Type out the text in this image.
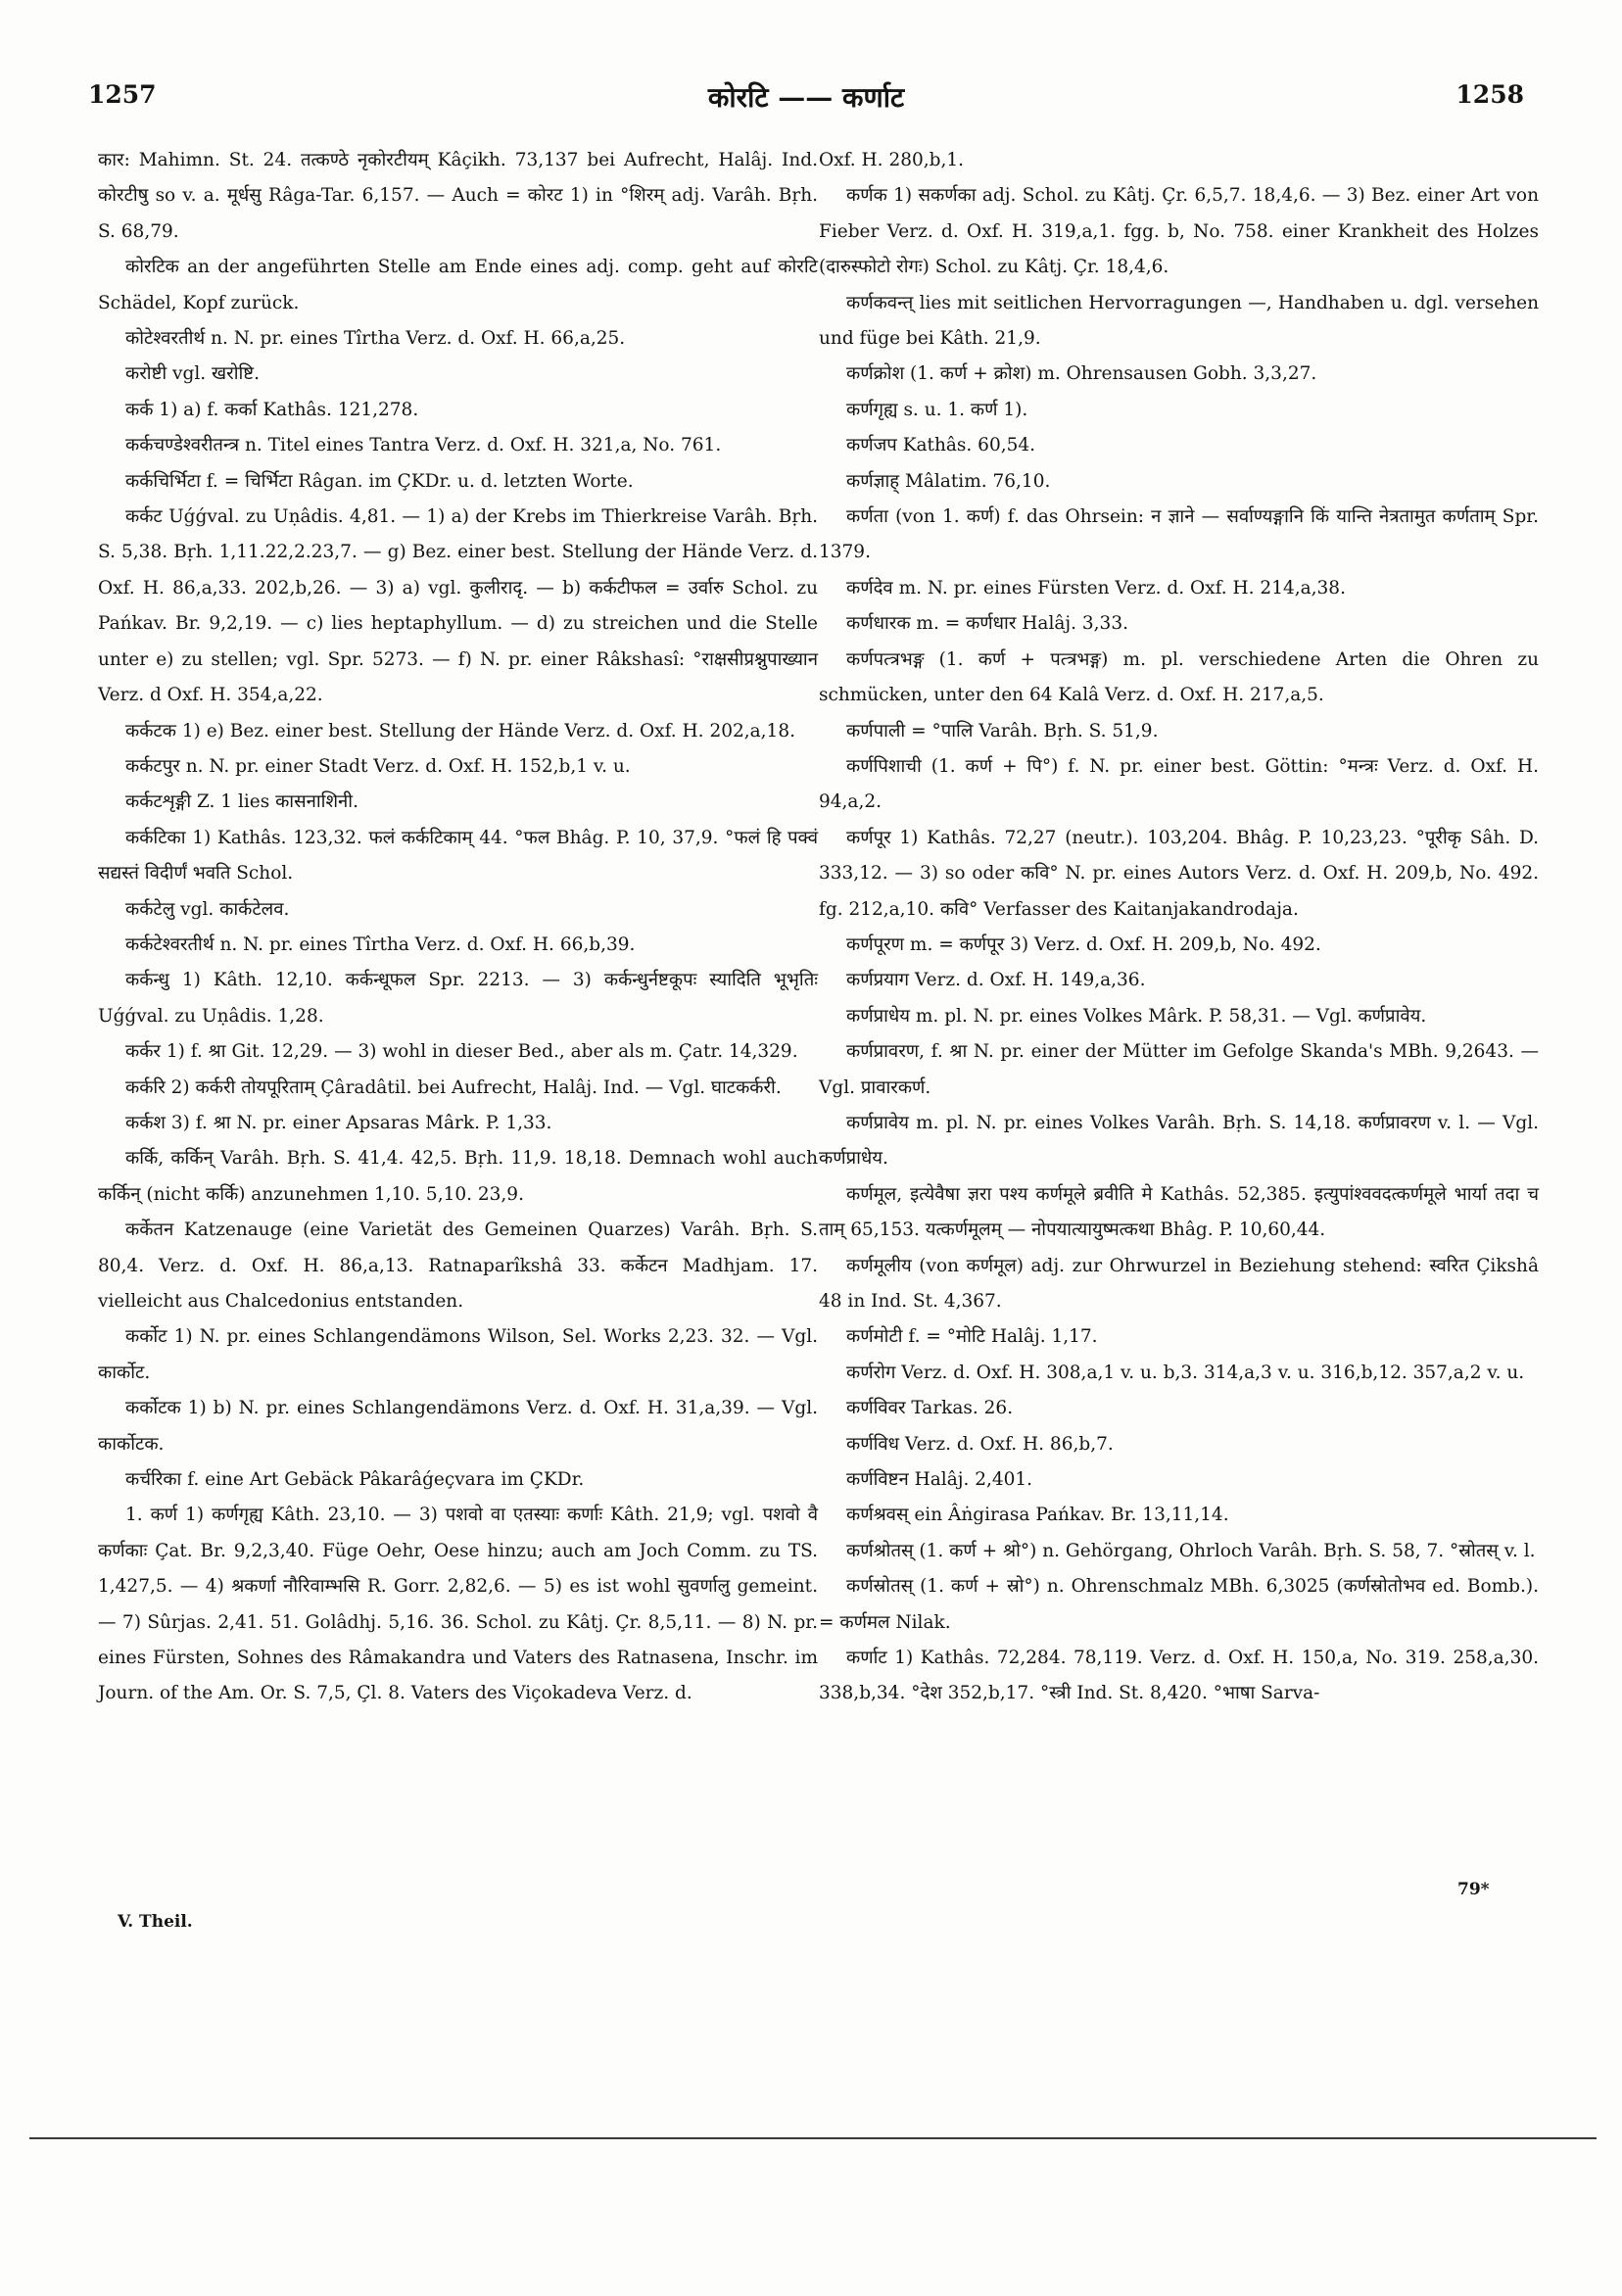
1257	कोरटि —— कर्णाट	1258

कार: Mahimn. St. 24. तत्कण्ठे नृकोरटीयम् Kâçikh. 73,137 bei Aufrecht, Halâj. Ind. कोरटीषु so v. a. मूर्धसु Râga-Tar. 6,157. — Auch = कोरट 1) in °शिरम् adj. Varâh. Bṛh. S. 68,79.

कोरटिक an der angeführten Stelle am Ende eines adj. comp. geht auf कोरटि Schädel, Kopf zurück.

कोटेश्वरतीर्थ n. N. pr. eines Tîrtha Verz. d. Oxf. H. 66,a,25.

करोष्टी vgl. खरोष्टि.

कर्क 1) a) f. कर्का Kathâs. 121,278.

कर्कचण्डेश्वरीतन्त्र n. Titel eines Tantra Verz. d. Oxf. H. 321,a, No. 761.

कर्कचिर्भिटा f. = चिर्भिटा Râgan. im ÇKDr. u. d. letzten Worte.

कर्कट Uǵǵval. zu Uṇâdis. 4,81. — 1) a) der Krebs im Thierkreise Varâh. Bṛh. S. 5,38. Bṛh. 1,11.22,2.23,7. — g) Bez. einer best. Stellung der Hände Verz. d. Oxf. H. 86,a,33. 202,b,26. — 3) a) vgl. कुलीरादृ. — b) कर्कटीफल = उर्वारु Schol. zu Pańkav. Br. 9,2,19. — c) lies heptaphyllum. — d) zu streichen und die Stelle unter e) zu stellen; vgl. Spr. 5273. — f) N. pr. einer Râkshasî: °राक्षसीप्रश्नुपाख्यान Verz. d Oxf. H. 354,a,22.

कर्कटक 1) e) Bez. einer best. Stellung der Hände Verz. d. Oxf. H. 202,a,18.

कर्कटपुर n. N. pr. einer Stadt Verz. d. Oxf. H. 152,b,1 v. u.

कर्कटशृङ्गी Z. 1 lies कासनाशिनी.

कर्कटिका 1) Kathâs. 123,32. फलं कर्कटिकाम् 44. °फल Bhâg. P. 10, 37,9. °फलं हि पक्वं सद्यस्तं विदीर्णं भवति Schol.

कर्कटेलु vgl. कार्कटेलव.

कर्कटेश्वरतीर्थ n. N. pr. eines Tîrtha Verz. d. Oxf. H. 66,b,39.

कर्कन्धु 1) Kâth. 12,10. कर्कन्धूफल Spr. 2213. — 3) कर्कन्धुर्नष्टकूपः स्यादिति भूभृतिः Uǵǵval. zu Uṇâdis. 1,28.

कर्कर 1) f. श्रा Git. 12,29. — 3) wohl in dieser Bed., aber als m. Çatr. 14,329.

कर्करि 2) कर्करी तोयपूरिताम् Çâradâtil. bei Aufrecht, Halâj. Ind. — Vgl. घाटकर्करी.

कर्कश 3) f. श्रा N. pr. einer Apsaras Mârk. P. 1,33.

कर्कि, कर्किन् Varâh. Bṛh. S. 41,4. 42,5. Bṛh. 11,9. 18,18. Demnach wohl auch कर्किन् (nicht कर्कि) anzunehmen 1,10. 5,10. 23,9.

कर्केतन Katzenauge (eine Varietät des Gemeinen Quarzes) Varâh. Bṛh. S. 80,4. Verz. d. Oxf. H. 86,a,13. Ratnaparîkshâ 33. कर्केटन Madhjam. 17. vielleicht aus Chalcedonius entstanden.

कर्कोट 1) N. pr. eines Schlangendämons Wilson, Sel. Works 2,23. 32. — Vgl. कार्कोट.

कर्कोटक 1) b) N. pr. eines Schlangendämons Verz. d. Oxf. H. 31,a,39. — Vgl. कार्कोटक.

कर्चरिका f. eine Art Gebäck Pâkarâǵeçvara im ÇKDr.

1. कर्ण 1) कर्णगृह्य Kâth. 23,10. — 3) पशवो वा एतस्याः कर्णाः Kâth. 21,9; vgl. पशवो वै कर्णकाः Çat. Br. 9,2,3,40. Füge Oehr, Oese hinzu; auch am Joch Comm. zu TS. 1,427,5. — 4) श्रकर्णा नौरिवाम्भसि R. Gorr. 2,82,6. — 5) es ist wohl सुवर्णालु gemeint. — 7) Sûrjas. 2,41. 51. Golâdhj. 5,16. 36. Schol. zu Kâtj. Çr. 8,5,11. — 8) N. pr. eines Fürsten, Sohnes des Râmakandra und Vaters des Ratnasena, Inschr. im Journ. of the Am. Or. S. 7,5, Çl. 8. Vaters des Viçokadeva Verz. d.

Oxf. H. 280,b,1.

कर्णक 1) सकर्णका adj. Schol. zu Kâtj. Çr. 6,5,7. 18,4,6. — 3) Bez. einer Art von Fieber Verz. d. Oxf. H. 319,a,1. fgg. b, No. 758. einer Krankheit des Holzes (दारुस्फोटो रोगः) Schol. zu Kâtj. Çr. 18,4,6.

कर्णकवन्त् lies mit seitlichen Hervorragungen —, Handhaben u. dgl. versehen und füge bei Kâth. 21,9.

कर्णक्रोश (1. कर्ण + क्रोश) m. Ohrensausen Gobh. 3,3,27.

कर्णगृह्य s. u. 1. कर्ण 1).

कर्णजप Kathâs. 60,54.

कर्णज्ञाह् Mâlatim. 76,10.

कर्णता (von 1. कर्ण) f. das Ohrsein: न ज्ञाने — सर्वाण्यङ्गानि किं यान्ति नेत्रतामुत कर्णताम् Spr. 1379.

कर्णदेव m. N. pr. eines Fürsten Verz. d. Oxf. H. 214,a,38.

कर्णधारक m. = कर्णधार Halâj. 3,33.

कर्णपत्त्रभङ्ग (1. कर्ण + पत्त्रभङ्ग) m. pl. verschiedene Arten die Ohren zu schmücken, unter den 64 Kalâ Verz. d. Oxf. H. 217,a,5.

कर्णपाली = °पालि Varâh. Bṛh. S. 51,9.

कर्णपिशाची (1. कर्ण + पि°) f. N. pr. einer best. Göttin: °मन्त्रः Verz. d. Oxf. H. 94,a,2.

कर्णपूर 1) Kathâs. 72,27 (neutr.). 103,204. Bhâg. P. 10,23,23. °पूरीकृ Sâh. D. 333,12. — 3) so oder कवि° N. pr. eines Autors Verz. d. Oxf. H. 209,b, No. 492. fg. 212,a,10. कवि° Verfasser des Kaitanjakandrodaja.

कर्णपूरण m. = कर्णपूर 3) Verz. d. Oxf. H. 209,b, No. 492.

कर्णप्रयाग Verz. d. Oxf. H. 149,a,36.

कर्णप्राधेय m. pl. N. pr. eines Volkes Mârk. P. 58,31. — Vgl. कर्णप्रावेय.

कर्णप्रावरण, f. श्रा N. pr. einer der Mütter im Gefolge Skanda's MBh. 9,2643. — Vgl. प्रावारकर्ण.

कर्णप्रावेय m. pl. N. pr. eines Volkes Varâh. Bṛh. S. 14,18. कर्णप्रावरण v. l. — Vgl. कर्णप्राधेय.

कर्णमूल, इत्येवैषा ज्ञरा पश्य कर्णमूले ब्रवीति मे Kathâs. 52,385. इत्युपांश्ववदत्कर्णमूले भार्या तदा च ताम् 65,153. यत्कर्णमूलम् — नोपयात्यायुष्मत्कथा Bhâg. P. 10,60,44.

कर्णमूलीय (von कर्णमूल) adj. zur Ohrwurzel in Beziehung stehend: स्वरित Çikshâ 48 in Ind. St. 4,367.

कर्णमोटी f. = °मोटि Halâj. 1,17.

कर्णरोग Verz. d. Oxf. H. 308,a,1 v. u. b,3. 314,a,3 v. u. 316,b,12. 357,a,2 v. u.

कर्णविवर Tarkas. 26.

कर्णविध Verz. d. Oxf. H. 86,b,7.

कर्णविष्टन Halâj. 2,401.

कर्णश्रवस् ein Âṅgirasa Pańkav. Br. 13,11,14.

कर्णश्रोतस् (1. कर्ण + श्रो°) n. Gehörgang, Ohrloch Varâh. Bṛh. S. 58, 7. °स्रोतस् v. l.

कर्णस्रोतस् (1. कर्ण + स्रो°) n. Ohrenschmalz MBh. 6,3025 (कर्णस्रोतोभव ed. Bomb.). = कर्णमल Nilak.

कर्णाट 1) Kathâs. 72,284. 78,119. Verz. d. Oxf. H. 150,a, No. 319. 258,a,30. 338,b,34. °देश 352,b,17. °स्त्री Ind. St. 8,420. °भाषा Sarva-

V. Theil.
79*
